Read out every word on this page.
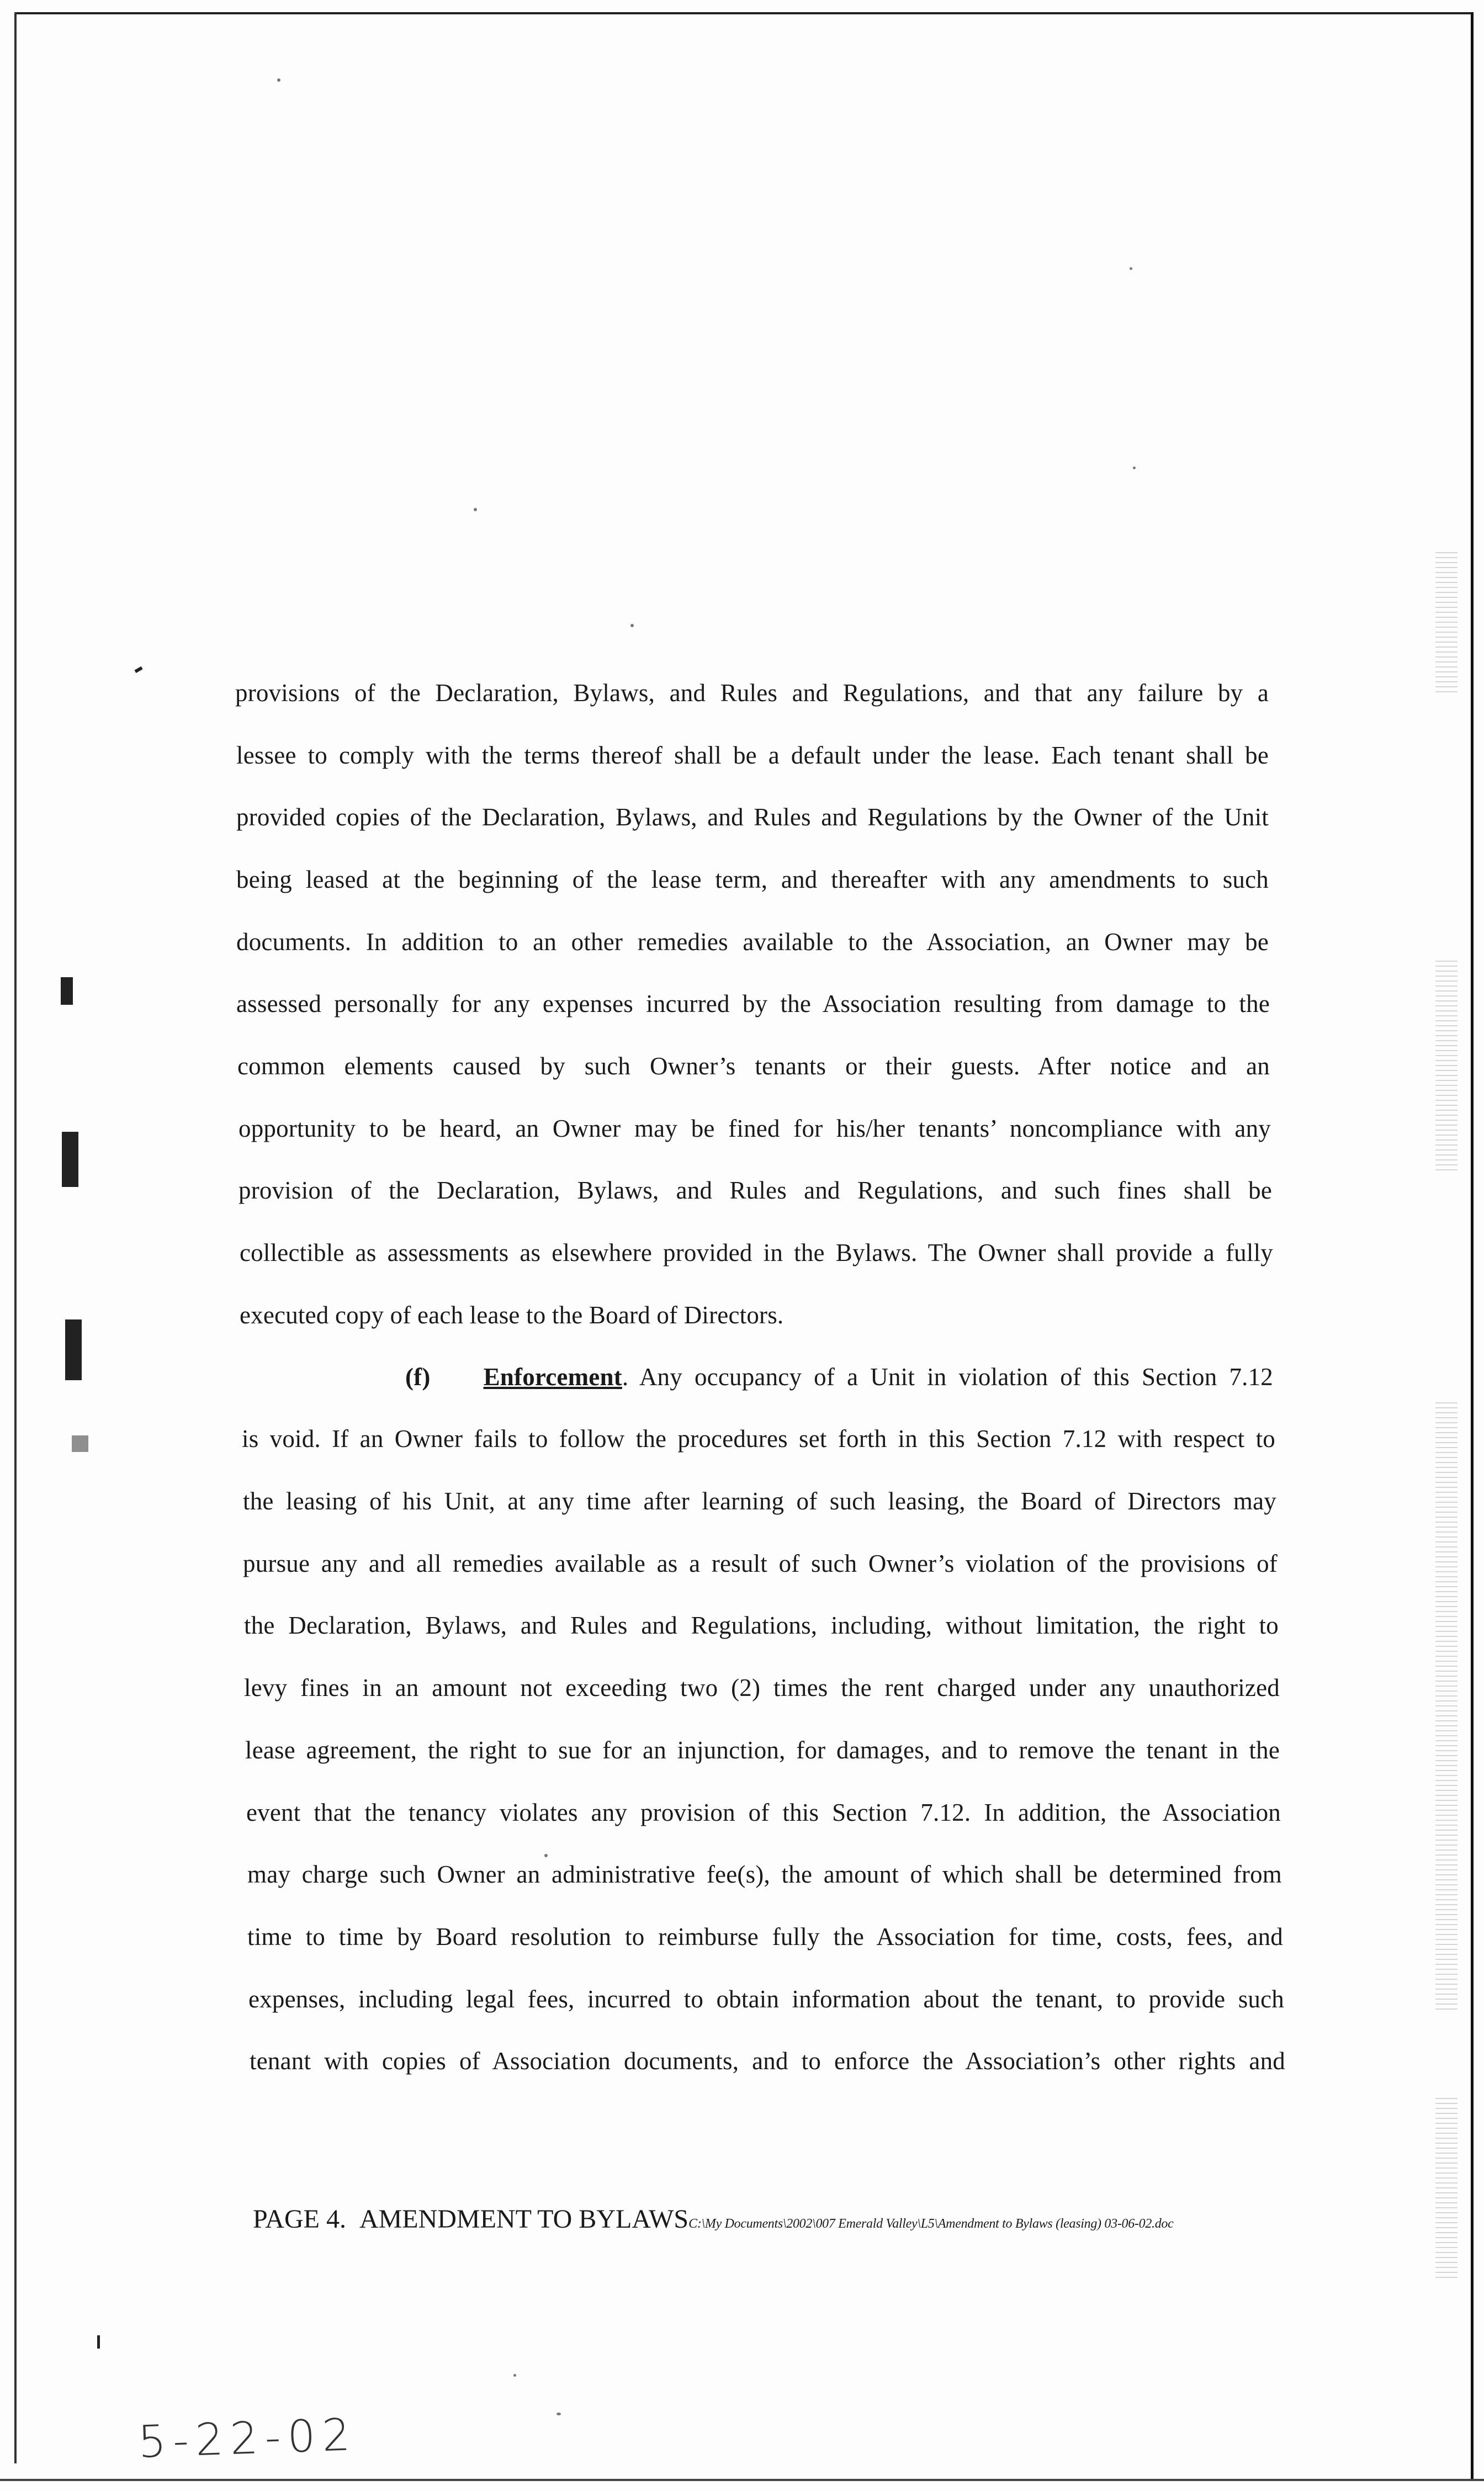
provisions of the Declaration, Bylaws, and Rules and Regulations, and that any failure by a
lessee to comply with the terms thereof shall be a default under the lease. Each tenant shall be
provided copies of the Declaration, Bylaws, and Rules and Regulations by the Owner of the Unit
being leased at the beginning of the lease term, and thereafter with any amendments to such
documents. In addition to an other remedies available to the Association, an Owner may be
assessed personally for any expenses incurred by the Association resulting from damage to the
common elements caused by such Owner’s tenants or their guests. After notice and an
opportunity to be heard, an Owner may be fined for his/her tenants’ noncompliance with any
provision of the Declaration, Bylaws, and Rules and Regulations, and such fines shall be
collectible as assessments as elsewhere provided in the Bylaws. The Owner shall provide a fully
executed copy of each lease to the Board of Directors.
(f) Enforcement . Any occupancy of a Unit in violation of this Section 7.12
is void. If an Owner fails to follow the procedures set forth in this Section 7.12 with respect to
the leasing of his Unit, at any time after learning of such leasing, the Board of Directors may
pursue any and all remedies available as a result of such Owner’s violation of the provisions of
the Declaration, Bylaws, and Rules and Regulations, including, without limitation, the right to
levy fines in an amount not exceeding two (2) times the rent charged under any unauthorized
lease agreement, the right to sue for an injunction, for damages, and to remove the tenant in the
event that the tenancy violates any provision of this Section 7.12. In addition, the Association
may charge such Owner an administrative fee(s), the amount of which shall be determined from
time to time by Board resolution to reimburse fully the Association for time, costs, fees, and
expenses, including legal fees, incurred to obtain information about the tenant, to provide such
tenant with copies of Association documents, and to enforce the Association’s other rights and
PAGE 4. AMENDMENT TO BYLAWSC:\My Documents\2002\007 Emerald Valley\L5\Amendment to Bylaws (leasing) 03-06-02.doc
5-22-02
